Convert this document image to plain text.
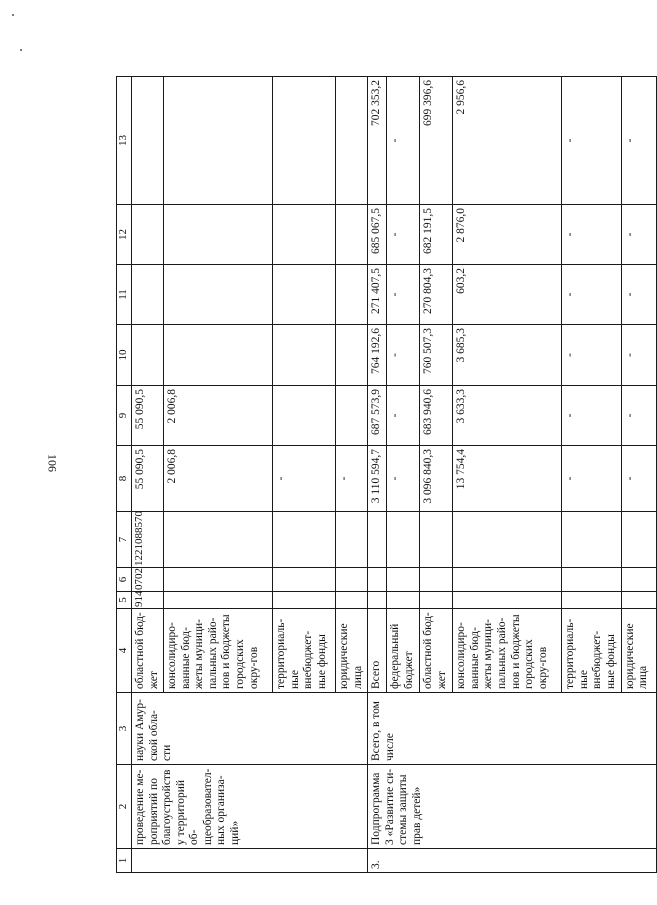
106
1	2	3	4	5	6	7	8	9	10	11	12	13
	проведение ме-роприятий по благоустройству территорий об-щеобразовател-ных организа-ций»	науки Амур-ской обла-сти	областной бюд-жет	914	0702	1221088570	55 090,5	55 090,5				
			консолидиро-ванные бюд-жеты муници-пальных райо-нов и бюджеты городских окру-гов				2 006,8	2 006,8				
			территориаль-ные внебюджет-ные фонды				-					
			юридические лица				-					
3.	Подпрограмма 3 «Развитие си-стемы защиты прав детей»	Всего, в том числе	Всего				3 110 594,7	687 573,9	764 192,6	271 407,5	685 067,5	702 353,2
			федеральный бюджет				-	-	-	-	-	-
			областной бюд-жет				3 096 840,3	683 940,6	760 507,3	270 804,3	682 191,5	699 396,6
			консолидиро-ванные бюд-жеты муници-пальных райо-нов и бюджеты городских окру-гов				13 754,4	3 633,3	3 685,3	603,2	2 876,0	2 956,6
			территориаль-ные внебюджет-ные фонды				-	-	-	-	-	-
			юридические лица				-	-	-	-	-	-
